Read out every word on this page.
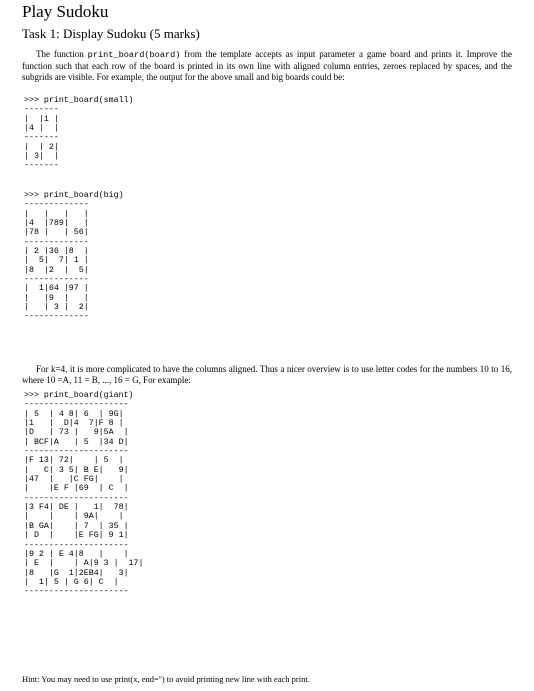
Play Sudoku
Task 1: Display Sudoku (5 marks)
The function print_board(board) from the template accepts as input parameter a game board and prints it. Improve the function such that each row of the board is printed in its own line with aligned column entries, zeroes replaced by spaces, and the subgrids are visible. For example, the output for the above small and big boards could be:
>>> print_board(small)
-------
|  |1 |
|4 |  |
-------
|  | 2|
| 3|  |
-------
>>> print_board(big)
-------------
|   |   |   |
|4  |789|   |
|78 |   | 56|
-------------
| 2 |36 |8  |
|  5|  7| 1 |
|8  |2  |  5|
-------------
|  1|64 |97 |
|   |9  |   |
|   | 3 |  2|
-------------
For k=4, it is more complicated to have the columns aligned. Thus a nicer overview is to use letter codes for the numbers 10 to 16, where 10 =A, 11 = B, ..., 16 = G, For example:
>>> print_board(giant)
---------------------
| 5  | 4 8| 6  | 9G|
|1   |  D|4  7|F 8 |
|D   | 73 |   9|5A  |
| BCF|A   | 5  |34 D|
---------------------
|F 13| 72|    | 5  |
|   C| 3 5| B E|   9|
|47  |   |C FG|    |
|    |E F |69  | C  |
---------------------
|3 F4| DE |   1|  78|
|    |    | 9A|    |
|B GA|    | 7  | 35 |
| D  |    |E FG| 9 1|
---------------------
|9 2 | E 4|8   |    |
| E  |    | A|9 3 |  17|
|8   |G  1|2EB4|   3|
|  1| 5 | G 6| C  |
---------------------
Hint: You may need to use print(x, end='') to avoid printing new line with each print.
